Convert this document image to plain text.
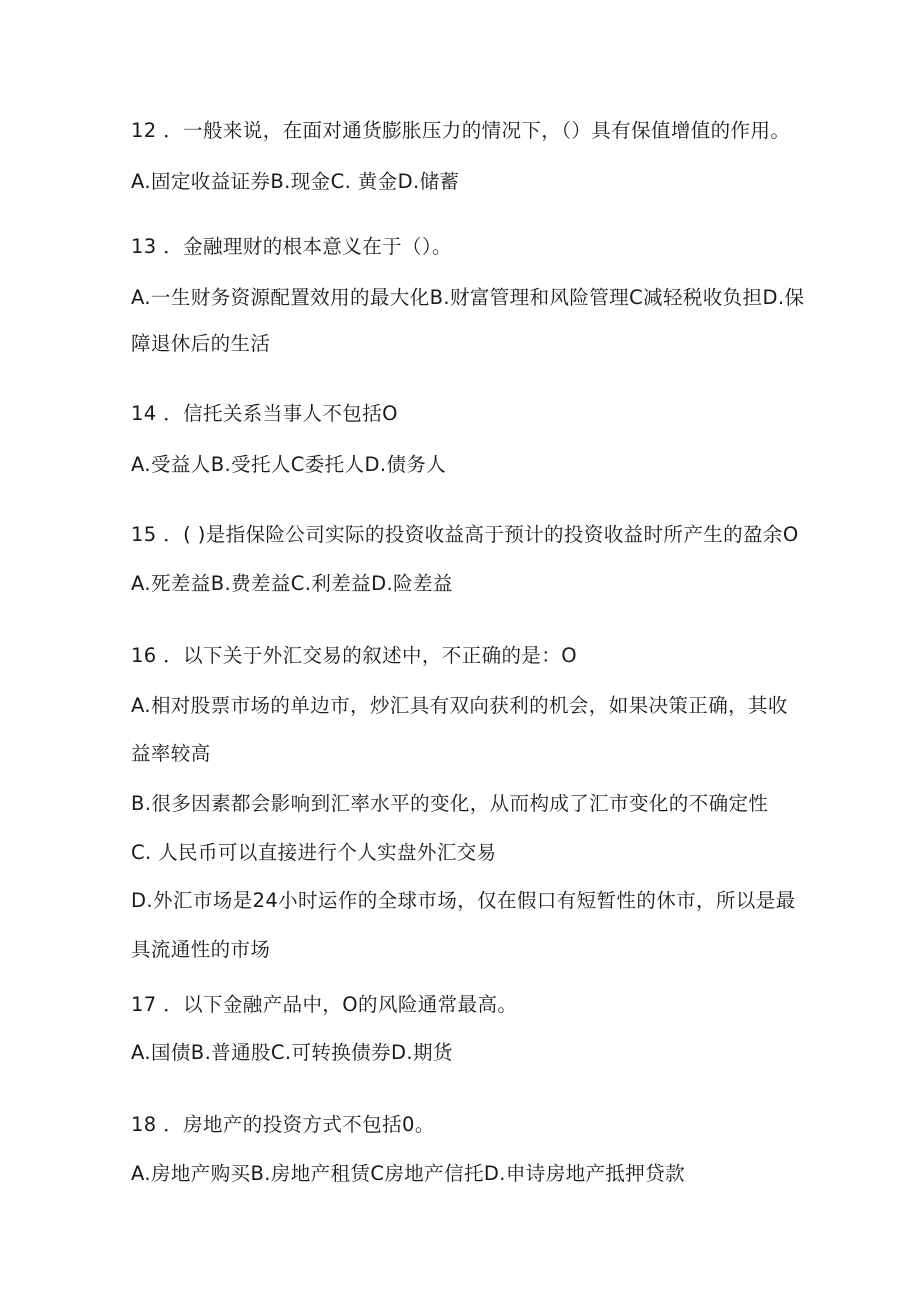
12 ．一般来说，在面对通货膨胀压力的情况下，（）具有保值增值的作用。
A.固定收益证券B.现金C. 黄金D.储蓄
13 ．金融理财的根本意义在于（）。
A.一生财务资源配置效用的最大化B.财富管理和风险管理C减轻税收负担D.保
障退休后的生活
14 ．信托关系当事人不包括O
A.受益人B.受托人C委托人D.债务人
15 ．( )是指保险公司实际的投资收益高于预计的投资收益时所产生的盈余O
A.死差益B.费差益C.利差益D.险差益
16 ．以下关于外汇交易的叙述中，不正确的是：O
A.相对股票市场的单边市，炒汇具有双向获利的机会，如果决策正确，其收
益率较高
B.很多因素都会影响到汇率水平的变化，从而构成了汇市变化的不确定性
C. 人民币可以直接进行个人实盘外汇交易
D.外汇市场是24小时运作的全球市场，仅在假口有短暂性的休市，所以是最
具流通性的市场
17 ．以下金融产品中，O的风险通常最高。
A.国债B.普通股C.可转换债券D.期货
18 ．房地产的投资方式不包括0。
A.房地产购买B.房地产租赁C房地产信托D.申诗房地产抵押贷款
